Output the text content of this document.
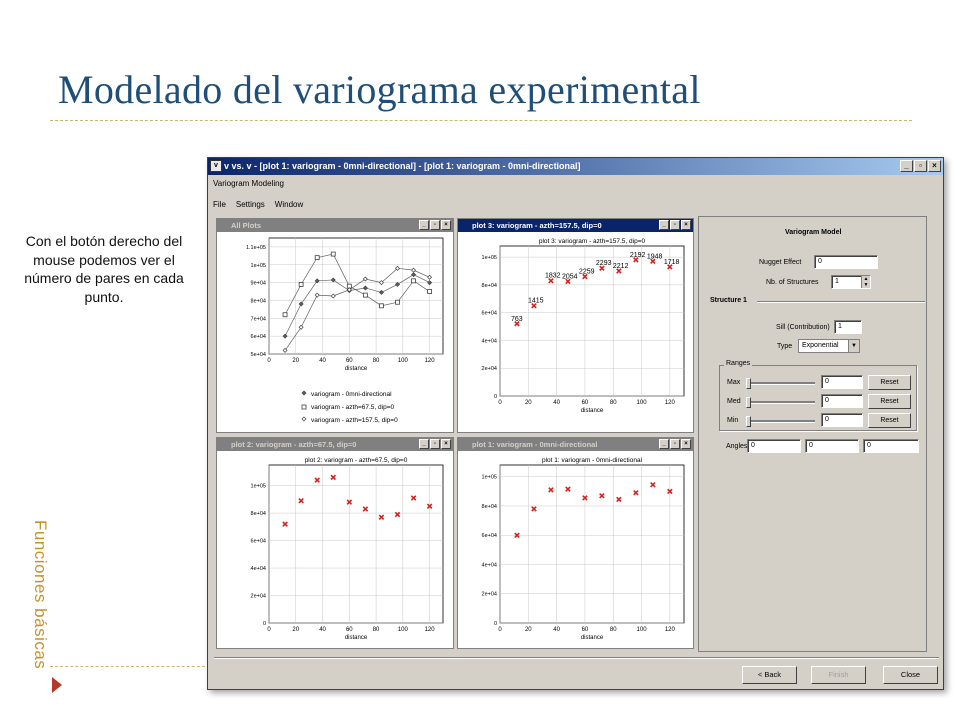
Modelado del variograma experimental
Con el botón derecho del mouse podemos ver el número de pares en cada punto.
Funciones básicas
v v vs. v - [plot 1: variogram - 0mni-directional] - [plot 1: variogram - 0mni-directional]	_	▫	×
Variogram Modeling
File Settings Window
All Plots	_	▫	×
0	20	40	60	80	100	120
5e+04
6e+04
7e+04
8e+04
9e+04
1e+05
1.1e+05
distance
variogram - 0mni-directional
variogram - azth=67.5, dip=0
variogram - azth=157.5, dip=0
plot 3: variogram - azth=157.5, dip=0	_	▫	×
0	20	40	60	80	100	120
0
2e+04
4e+04
6e+04
8e+04
1e+05
distance
plot 3: variogram - azth=157.5, dip=0
763
1415
1832 2054
2259
2293 2212
2192 1948
1718
plot 2: variogram - azth=67.5, dip=0	_	▫	×
0	20	40	60	80	100	120
0
2e+04
4e+04
6e+04
8e+04
1e+05
distance
plot 2: variogram - azth=67.5, dip=0
plot 1: variogram - 0mni-directional	_	▫	×
0	20	40	60	80	100	120
0
2e+04
4e+04
6e+04
8e+04
1e+05
distance
plot 1: variogram - 0mni-directional
Variogram Model
Nugget Effect	0
Nb. of Structures	1	▲
▼
Structure 1
Sill (Contribution)	1
Type	Exponential	▼
Ranges
Max	0	Reset
Med	0	Reset
Min	0	Reset
Angles 0	0	0
< Back	Finish	Close
